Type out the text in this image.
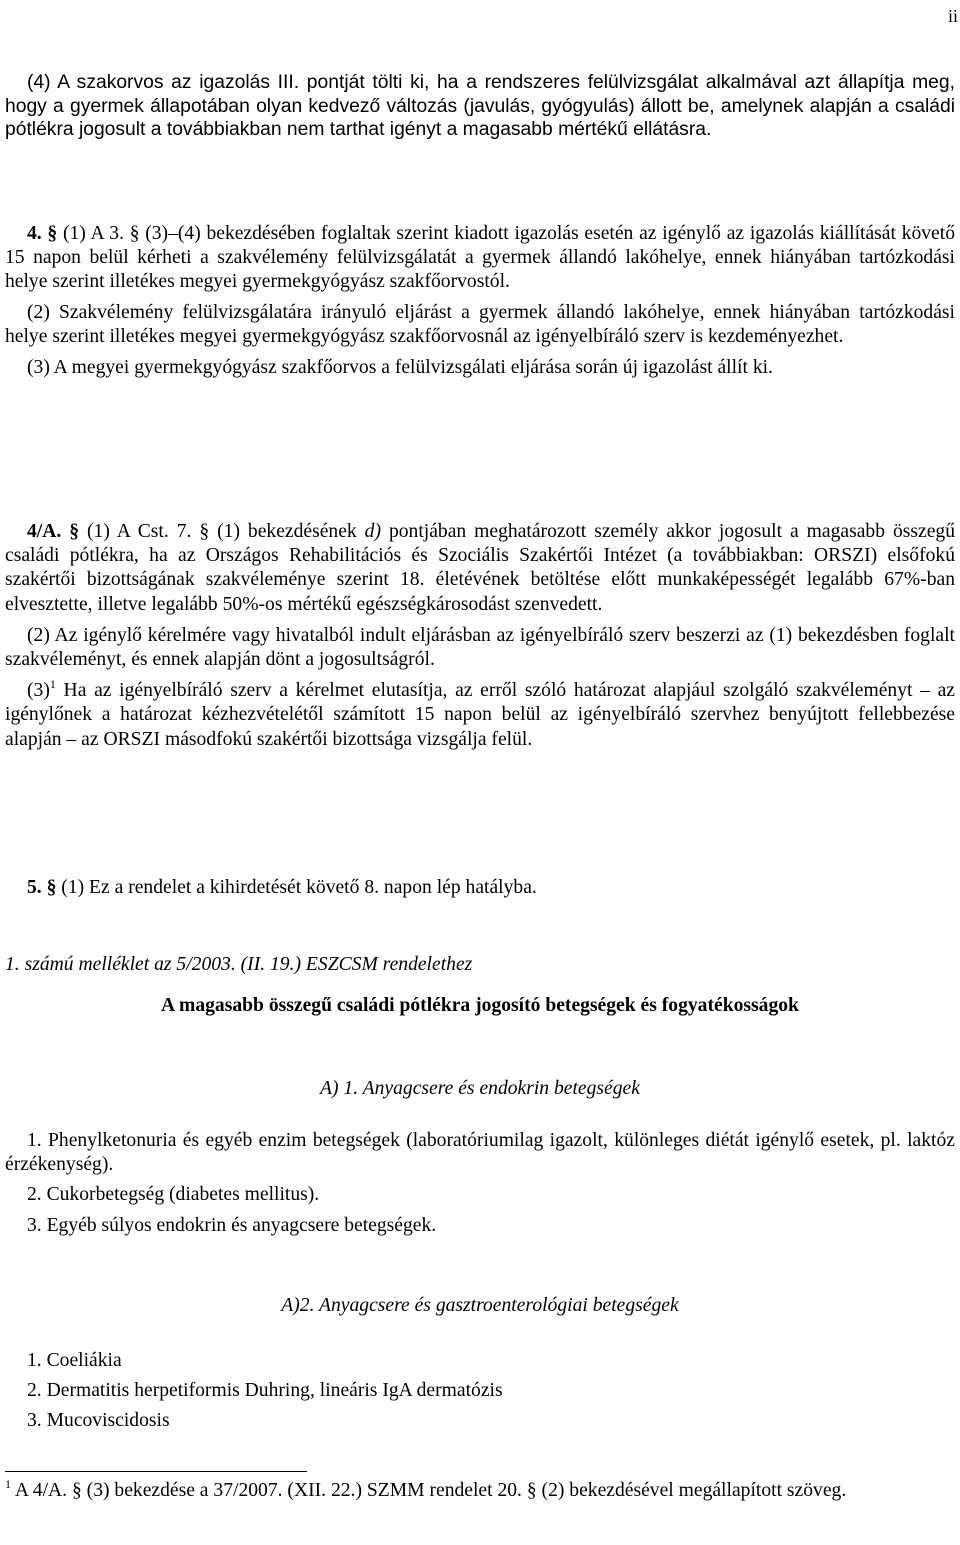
ii

(4) A szakorvos az igazolás III. pontját tölti ki, ha a rendszeres felülvizsgálat alkalmával azt állapítja meg, hogy a gyermek állapotában olyan kedvező változás (javulás, gyógyulás) állott be, amelynek alapján a családi pótlékra jogosult a továbbiakban nem tarthat igényt a magasabb mértékű ellátásra.

4. § (1) A 3. § (3)–(4) bekezdésében foglaltak szerint kiadott igazolás esetén az igénylő az igazolás kiállítását követő 15 napon belül kérheti a szakvélemény felülvizsgálatát a gyermek állandó lakóhelye, ennek hiányában tartózkodási helye szerint illetékes megyei gyermekgyógyász szakfőorvostól.

(2) Szakvélemény felülvizsgálatára irányuló eljárást a gyermek állandó lakóhelye, ennek hiányában tartózkodási helye szerint illetékes megyei gyermekgyógyász szakfőorvosnál az igényelbíráló szerv is kezdeményezhet.

(3) A megyei gyermekgyógyász szakfőorvos a felülvizsgálati eljárása során új igazolást állít ki.

4/A. § (1) A Cst. 7. § (1) bekezdésének d) pontjában meghatározott személy akkor jogosult a magasabb összegű családi pótlékra, ha az Országos Rehabilitációs és Szociális Szakértői Intézet (a továbbiakban: ORSZI) elsőfokú szakértői bizottságának szakvéleménye szerint 18. életévének betöltése előtt munkaképességét legalább 67%-ban elvesztette, illetve legalább 50%-os mértékű egészségkárosodást szenvedett.

(2) Az igénylő kérelmére vagy hivatalból indult eljárásban az igényelbíráló szerv beszerzi az (1) bekezdésben foglalt szakvéleményt, és ennek alapján dönt a jogosultságról.

$(3)^1$ Ha az igényelbíráló szerv a kérelmet elutasítja, az erről szóló határozat alapjául szolgáló szakvéleményt – az igénylőnek a határozat kézhezvételétől számított 15 napon belül az igényelbíráló szervhez benyújtott fellebbezése alapján – az ORSZI másodfokú szakértői bizottsága vizsgálja felül.

5. § (1) Ez a rendelet a kihirdetését követő 8. napon lép hatályba.

1. számú melléklet az 5/2003. (II. 19.) ESZCSM rendelethez

A magasabb összegű családi pótlékra jogosító betegségek és fogyatékosságok

A) 1. Anyagcsere és endokrin betegségek

1. Phenylketonuria és egyéb enzim betegségek (laboratóriumilag igazolt, különleges diétát igénylő esetek, pl. laktóz érzékenység).

2. Cukorbetegség (diabetes mellitus).

3. Egyéb súlyos endokrin és anyagcsere betegségek.

A)2. Anyagcsere és gasztroenterológiai betegségek

1. Coeliákia

2. Dermatitis herpetiformis Duhring, lineáris IgA dermatózis

3. Mucoviscidosis

$^1$ A 4/A. § (3) bekezdése a 37/2007. (XII. 22.) SZMM rendelet 20. § (2) bekezdésével megállapított szöveg.
